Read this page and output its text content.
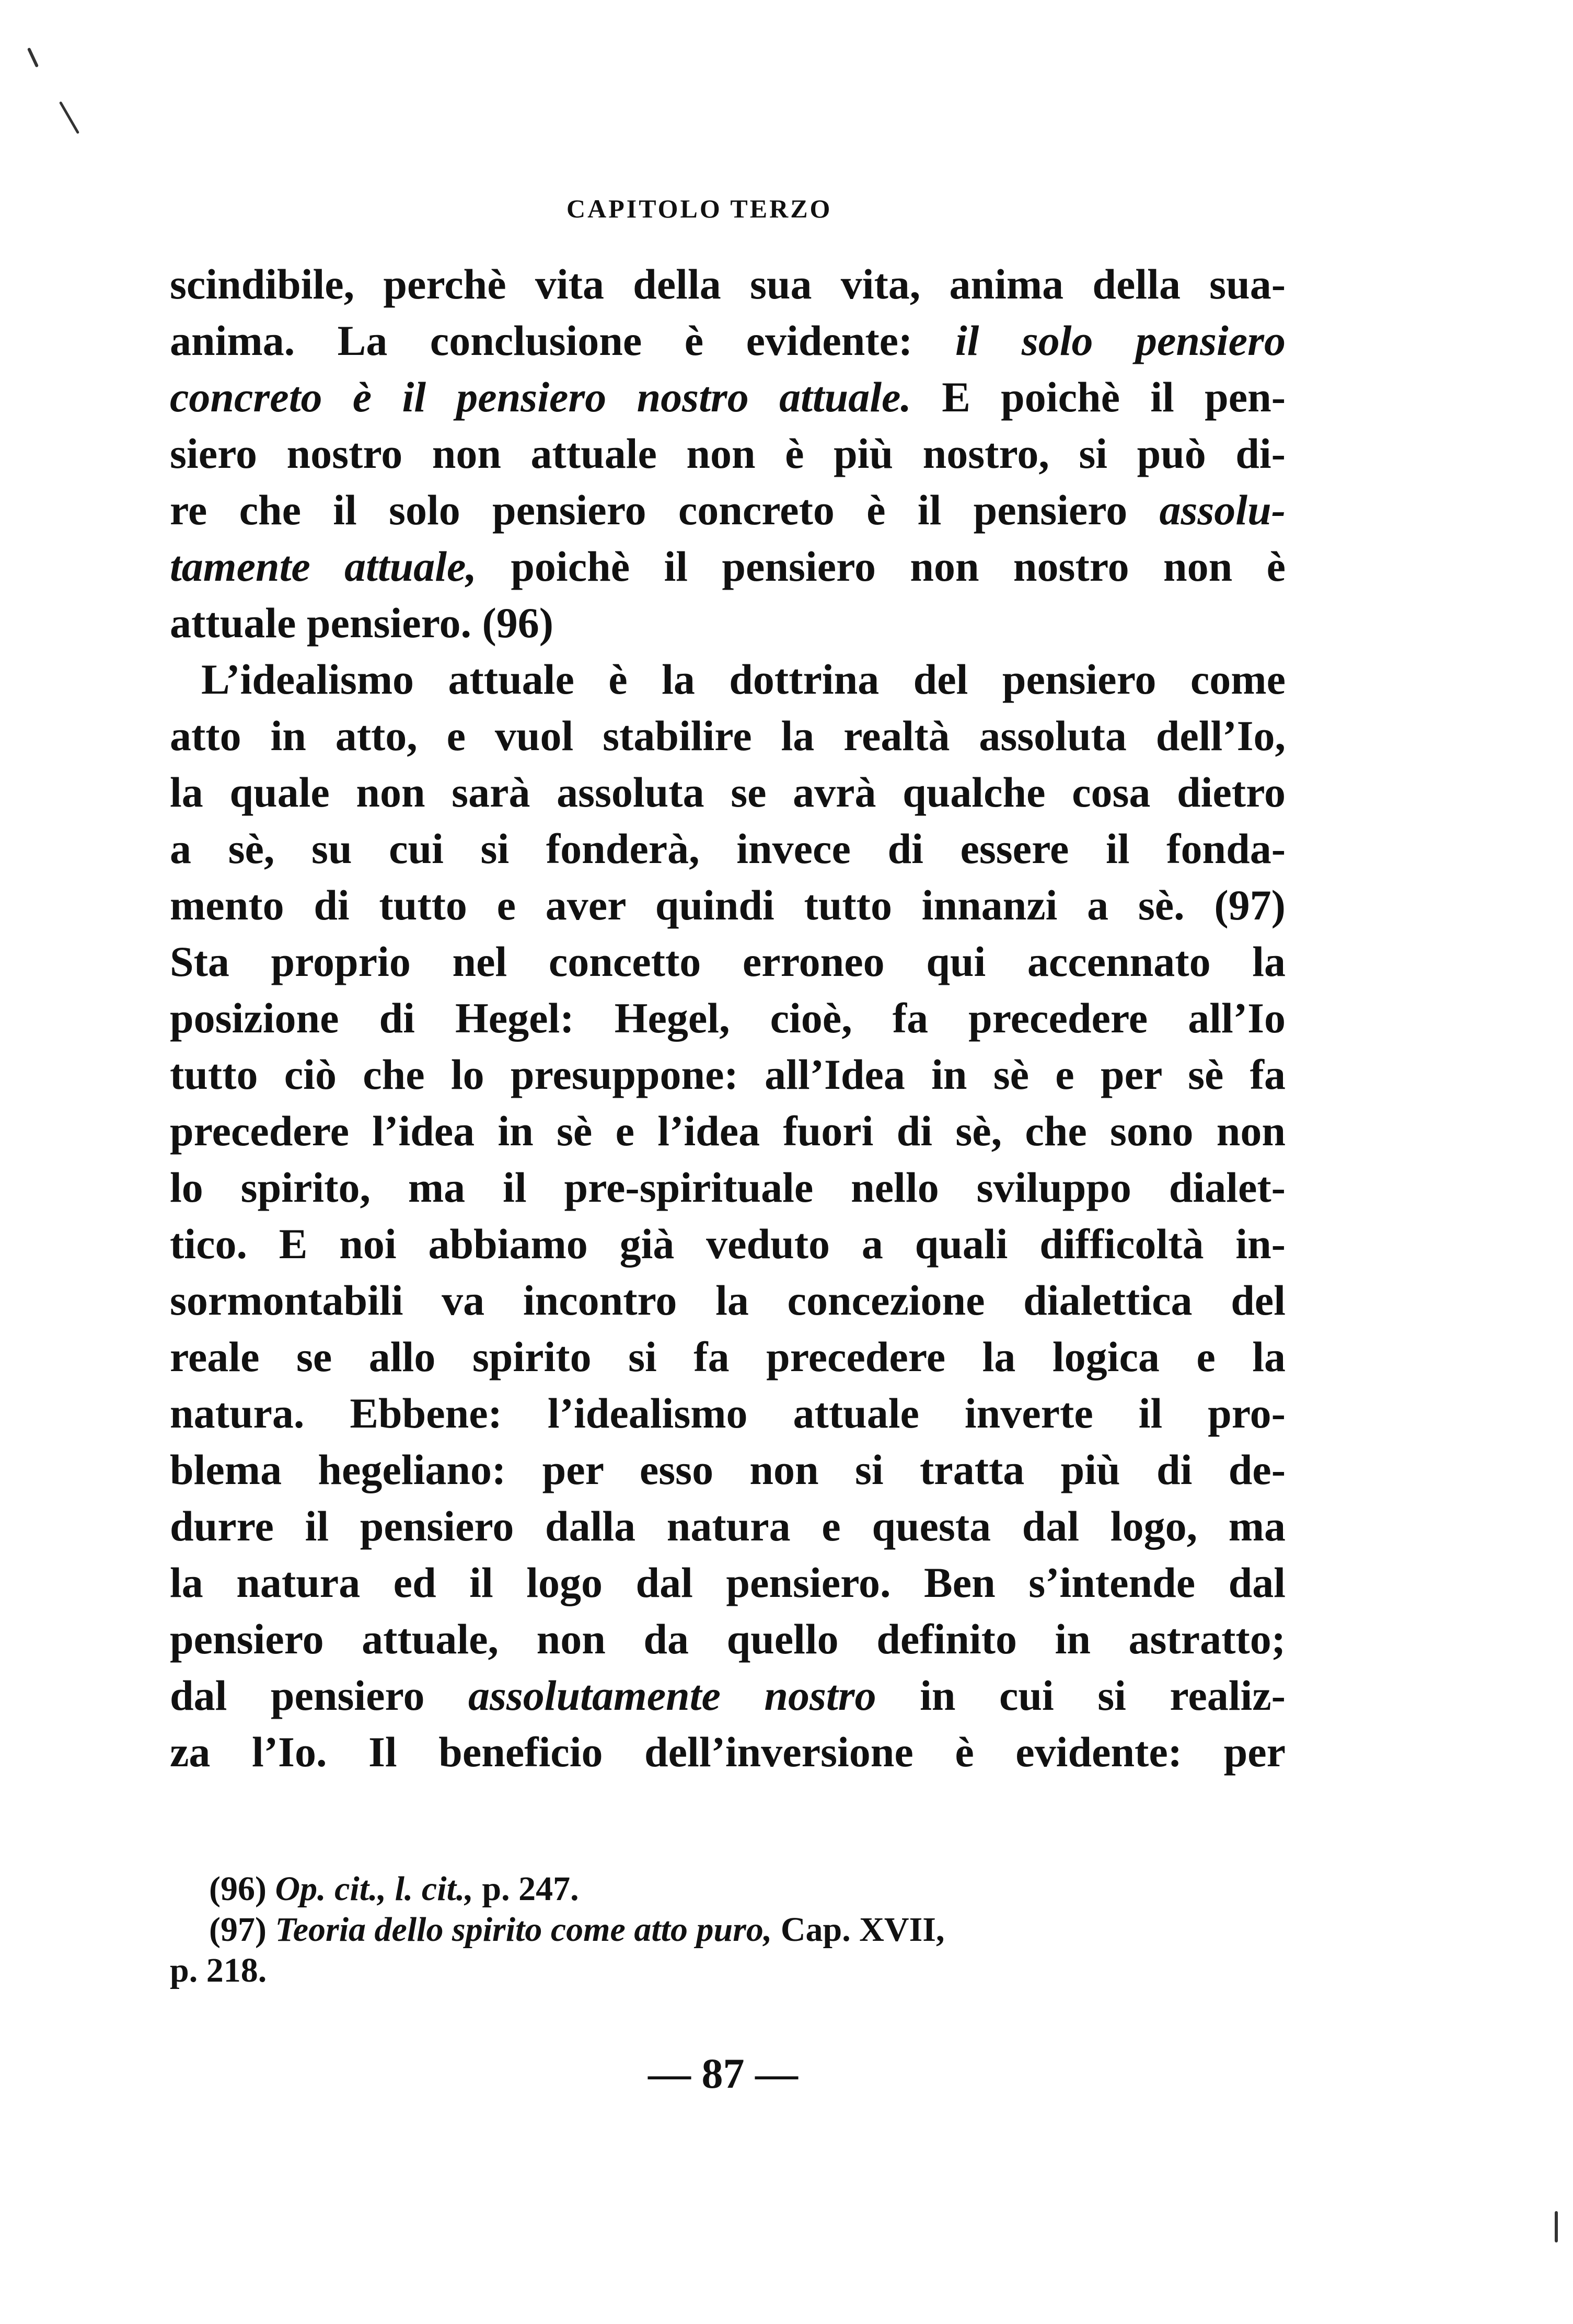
CAPITOLO TERZO
scindibile, perchè vita della sua vita, anima della sua-
anima. La conclusione è evidente: il solo pensiero
concreto è il pensiero nostro attuale. E poichè il pen-
siero nostro non attuale non è più nostro, si può di-
re che il solo pensiero concreto è il pensiero assolu-
tamente attuale, poichè il pensiero non nostro non è
attuale pensiero. (96)
L’idealismo attuale è la dottrina del pensiero come
atto in atto, e vuol stabilire la realtà assoluta dell’Io,
la quale non sarà assoluta se avrà qualche cosa dietro
a sè, su cui si fonderà, invece di essere il fonda-
mento di tutto e aver quindi tutto innanzi a sè. (97)
Sta proprio nel concetto erroneo qui accennato la
posizione di Hegel: Hegel, cioè, fa precedere all’Io
tutto ciò che lo presuppone: all’Idea in sè e per sè fa
precedere l’idea in sè e l’idea fuori di sè, che sono non
lo spirito, ma il pre-spirituale nello sviluppo dialet-
tico. E noi abbiamo già veduto a quali difficoltà in-
sormontabili va incontro la concezione dialettica del
reale se allo spirito si fa precedere la logica e la
natura. Ebbene: l’idealismo attuale inverte il pro-
blema hegeliano: per esso non si tratta più di de-
durre il pensiero dalla natura e questa dal logo, ma
la natura ed il logo dal pensiero. Ben s’intende dal
pensiero attuale, non da quello definito in astratto;
dal pensiero assolutamente nostro in cui si realiz-
za l’Io. Il beneficio dell’inversione è evidente: per
(96) Op. cit., l. cit., p. 247.
(97) Teoria dello spirito come atto puro, Cap. XVII,
p. 218.
— 87 —
